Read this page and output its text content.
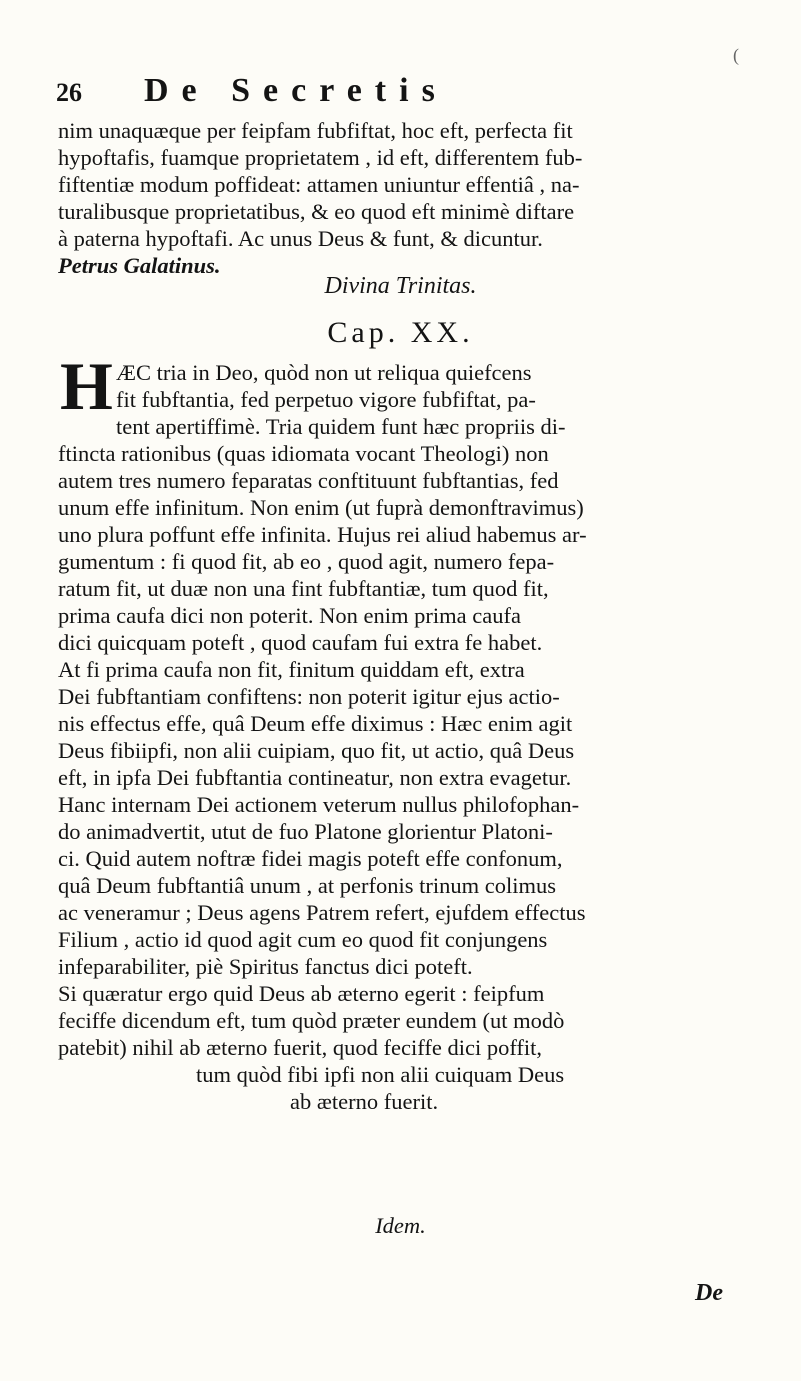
(
26 De Secretis
nim unaquæque per feipfam fubfiftat, hoc eft, perfecta fit
hypoftafis, fuamque proprietatem , id eft, differentem fub-
fiftentiæ modum poffideat: attamen uniuntur effentiâ , na-
turalibusque proprietatibus, & eo quod eft minimè diftare
à paterna hypoftafi. Ac unus Deus & funt, & dicuntur.
Petrus Galatinus.
Divina Trinitas.
Cap. XX.
H ÆC tria in Deo, quòd non ut reliqua quiefcens
fit fubftantia, fed perpetuo vigore fubfiftat, pa-
tent apertiffimè. Tria quidem funt hæc propriis di-
ftincta rationibus (quas idiomata vocant Theologi) non
autem tres numero feparatas conftituunt fubftantias, fed
unum effe infinitum. Non enim (ut fuprà demonftravimus)
uno plura poffunt effe infinita. Hujus rei aliud habemus ar-
gumentum : fi quod fit, ab eo , quod agit, numero fepa-
ratum fit, ut duæ non una fint fubftantiæ, tum quod fit,
prima caufa dici non poterit. Non enim prima caufa
dici quicquam poteft , quod caufam fui extra fe habet.
At fi prima caufa non fit, finitum quiddam eft, extra
Dei fubftantiam confiftens: non poterit igitur ejus actio-
nis effectus effe, quâ Deum effe diximus : Hæc enim agit
Deus fibiipfi, non alii cuipiam, quo fit, ut actio, quâ Deus
eft, in ipfa Dei fubftantia contineatur, non extra evagetur.
Hanc internam Dei actionem veterum nullus philofophan-
do animadvertit, utut de fuo Platone glorientur Platoni-
ci. Quid autem noftræ fidei magis poteft effe confonum,
quâ Deum fubftantiâ unum , at perfonis trinum colimus
ac veneramur ; Deus agens Patrem refert, ejufdem effectus
Filium , actio id quod agit cum eo quod fit conjungens
infeparabiliter, piè Spiritus fanctus dici poteft.
Si quæratur ergo quid Deus ab æterno egerit : feipfum
feciffe dicendum eft, tum quòd præter eundem (ut modò
patebit) nihil ab æterno fuerit, quod feciffe dici poffit,
tum quòd fibi ipfi non alii cuiquam Deus
ab æterno fuerit.
Idem.
De
